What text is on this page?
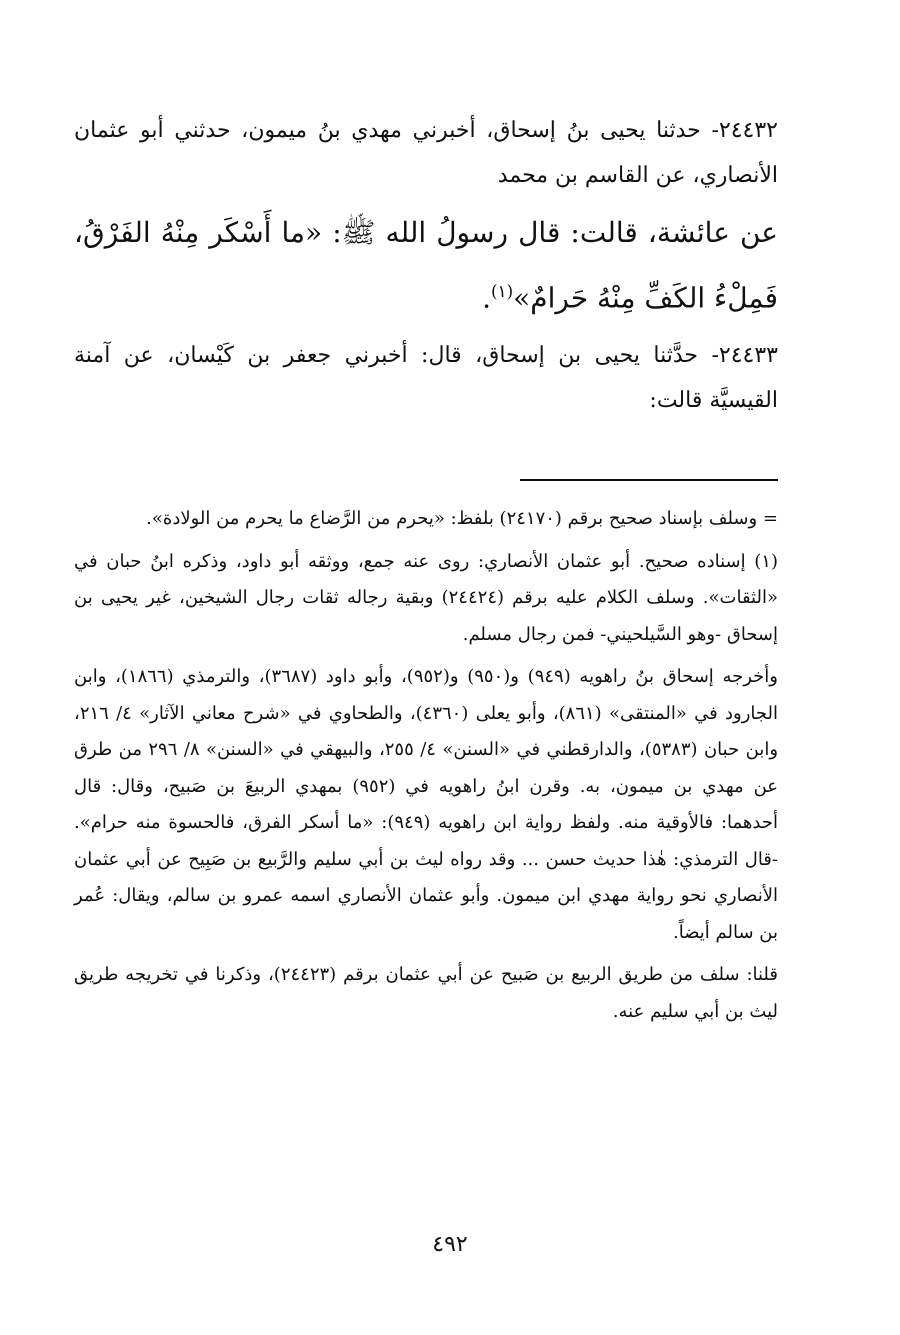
٢٤٤٣٢- حدثنا يحيى بنُ إسحاق، أخبرني مهدي بنُ ميمون، حدثني أبو عثمان الأنصاري، عن القاسم بن محمد

عن عائشة، قالت: قال رسولُ الله ﷺ: «ما أَسْكَر مِنْهُ الفَرْقُ، فَمِلْءُ الكَفِّ مِنْهُ حَرامٌ»$^{(١)}$.

٢٤٤٣٣- حدَّثنا يحيى بن إسحاق، قال: أخبرني جعفر بن كَيْسان، عن آمنة القيسيَّة قالت:

= وسلف بإسناد صحيح برقم (٢٤١٧٠) بلفظ: «يحرم من الرَّضاع ما يحرم من الولادة».

(١) إسناده صحيح. أبو عثمان الأنصاري: روى عنه جمع، ووثقه أبو داود، وذكره ابنُ حبان في «الثقات». وسلف الكلام عليه برقم (٢٤٤٢٤) وبقية رجاله ثقات رجال الشيخين، غير يحيى بن إسحاق -وهو السَّيلحيني- فمن رجال مسلم.

وأخرجه إسحاق بنُ راهويه (٩٤٩) و(٩٥٠) و(٩٥٢)، وأبو داود (٣٦٨٧)، والترمذي (١٨٦٦)، وابن الجارود في «المنتقى» (٨٦١)، وأبو يعلى (٤٣٦٠)، والطحاوي في «شرح معاني الآثار» ٤/ ٢١٦، وابن حبان (٥٣٨٣)، والدارقطني في «السنن» ٤/ ٢٥٥، والبيهقي في «السنن» ٨/ ٢٩٦ من طرق عن مهدي بن ميمون، به. وقرن ابنُ راهويه في (٩٥٢) بمهدي الربيعَ بن صَبيح، وقال: قال أحدهما: فالأوقية منه. ولفظ رواية ابن راهويه (٩٤٩): «ما أسكر الفرق، فالحسوة منه حرام». -قال الترمذي: هٰذا حديث حسن ... وقد رواه ليث بن أبي سليم والرَّبيع بن صَبِيح عن أبي عثمان الأنصاري نحو رواية مهدي ابن ميمون. وأبو عثمان الأنصاري اسمه عمرو بن سالم، ويقال: عُمر بن سالم أيضاً.

قلنا: سلف من طريق الربيع بن صَبيح عن أبي عثمان برقم (٢٤٤٢٣)، وذكرنا في تخريجه طريق ليث بن أبي سليم عنه.

٤٩٢
